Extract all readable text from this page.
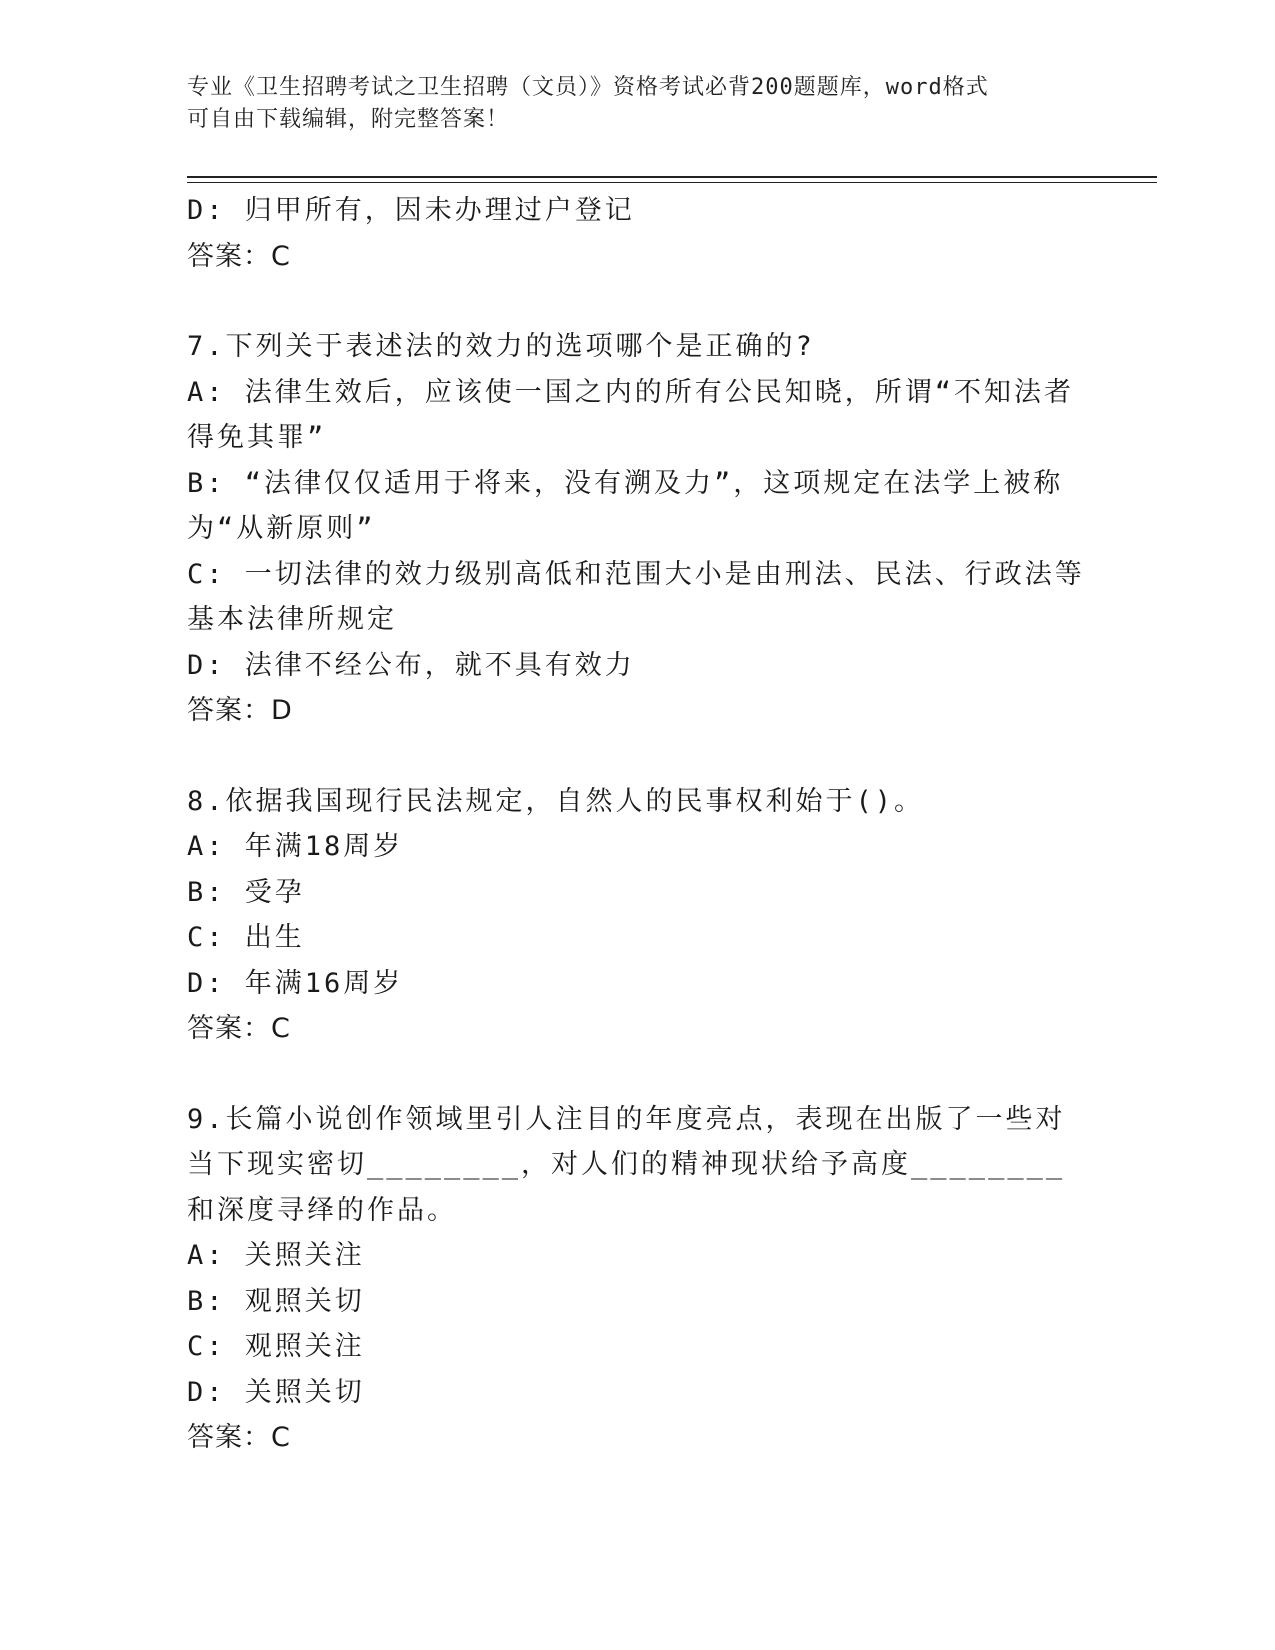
专业《卫生招聘考试之卫生招聘（文员）》资格考试必背200题题库，word格式
可自由下载编辑，附完整答案！
D: 归甲所有，因未办理过户登记
答案：C
7.下列关于表述法的效力的选项哪个是正确的?
A: 法律生效后，应该使一国之内的所有公民知晓，所谓“不知法者得免其罪”
B: “法律仅仅适用于将来，没有溯及力”，这项规定在法学上被称为“从新原则”
C: 一切法律的效力级别高低和范围大小是由刑法、民法、行政法等基本法律所规定
D: 法律不经公布，就不具有效力
答案：D
8.依据我国现行民法规定，自然人的民事权利始于()。
A: 年满18周岁
B: 受孕
C: 出生
D: 年满16周岁
答案：C
9.长篇小说创作领域里引人注目的年度亮点，表现在出版了一些对当下现实密切________，对人们的精神现状给予高度________和深度寻绎的作品。
A: 关照关注
B: 观照关切
C: 观照关注
D: 关照关切
答案：C
